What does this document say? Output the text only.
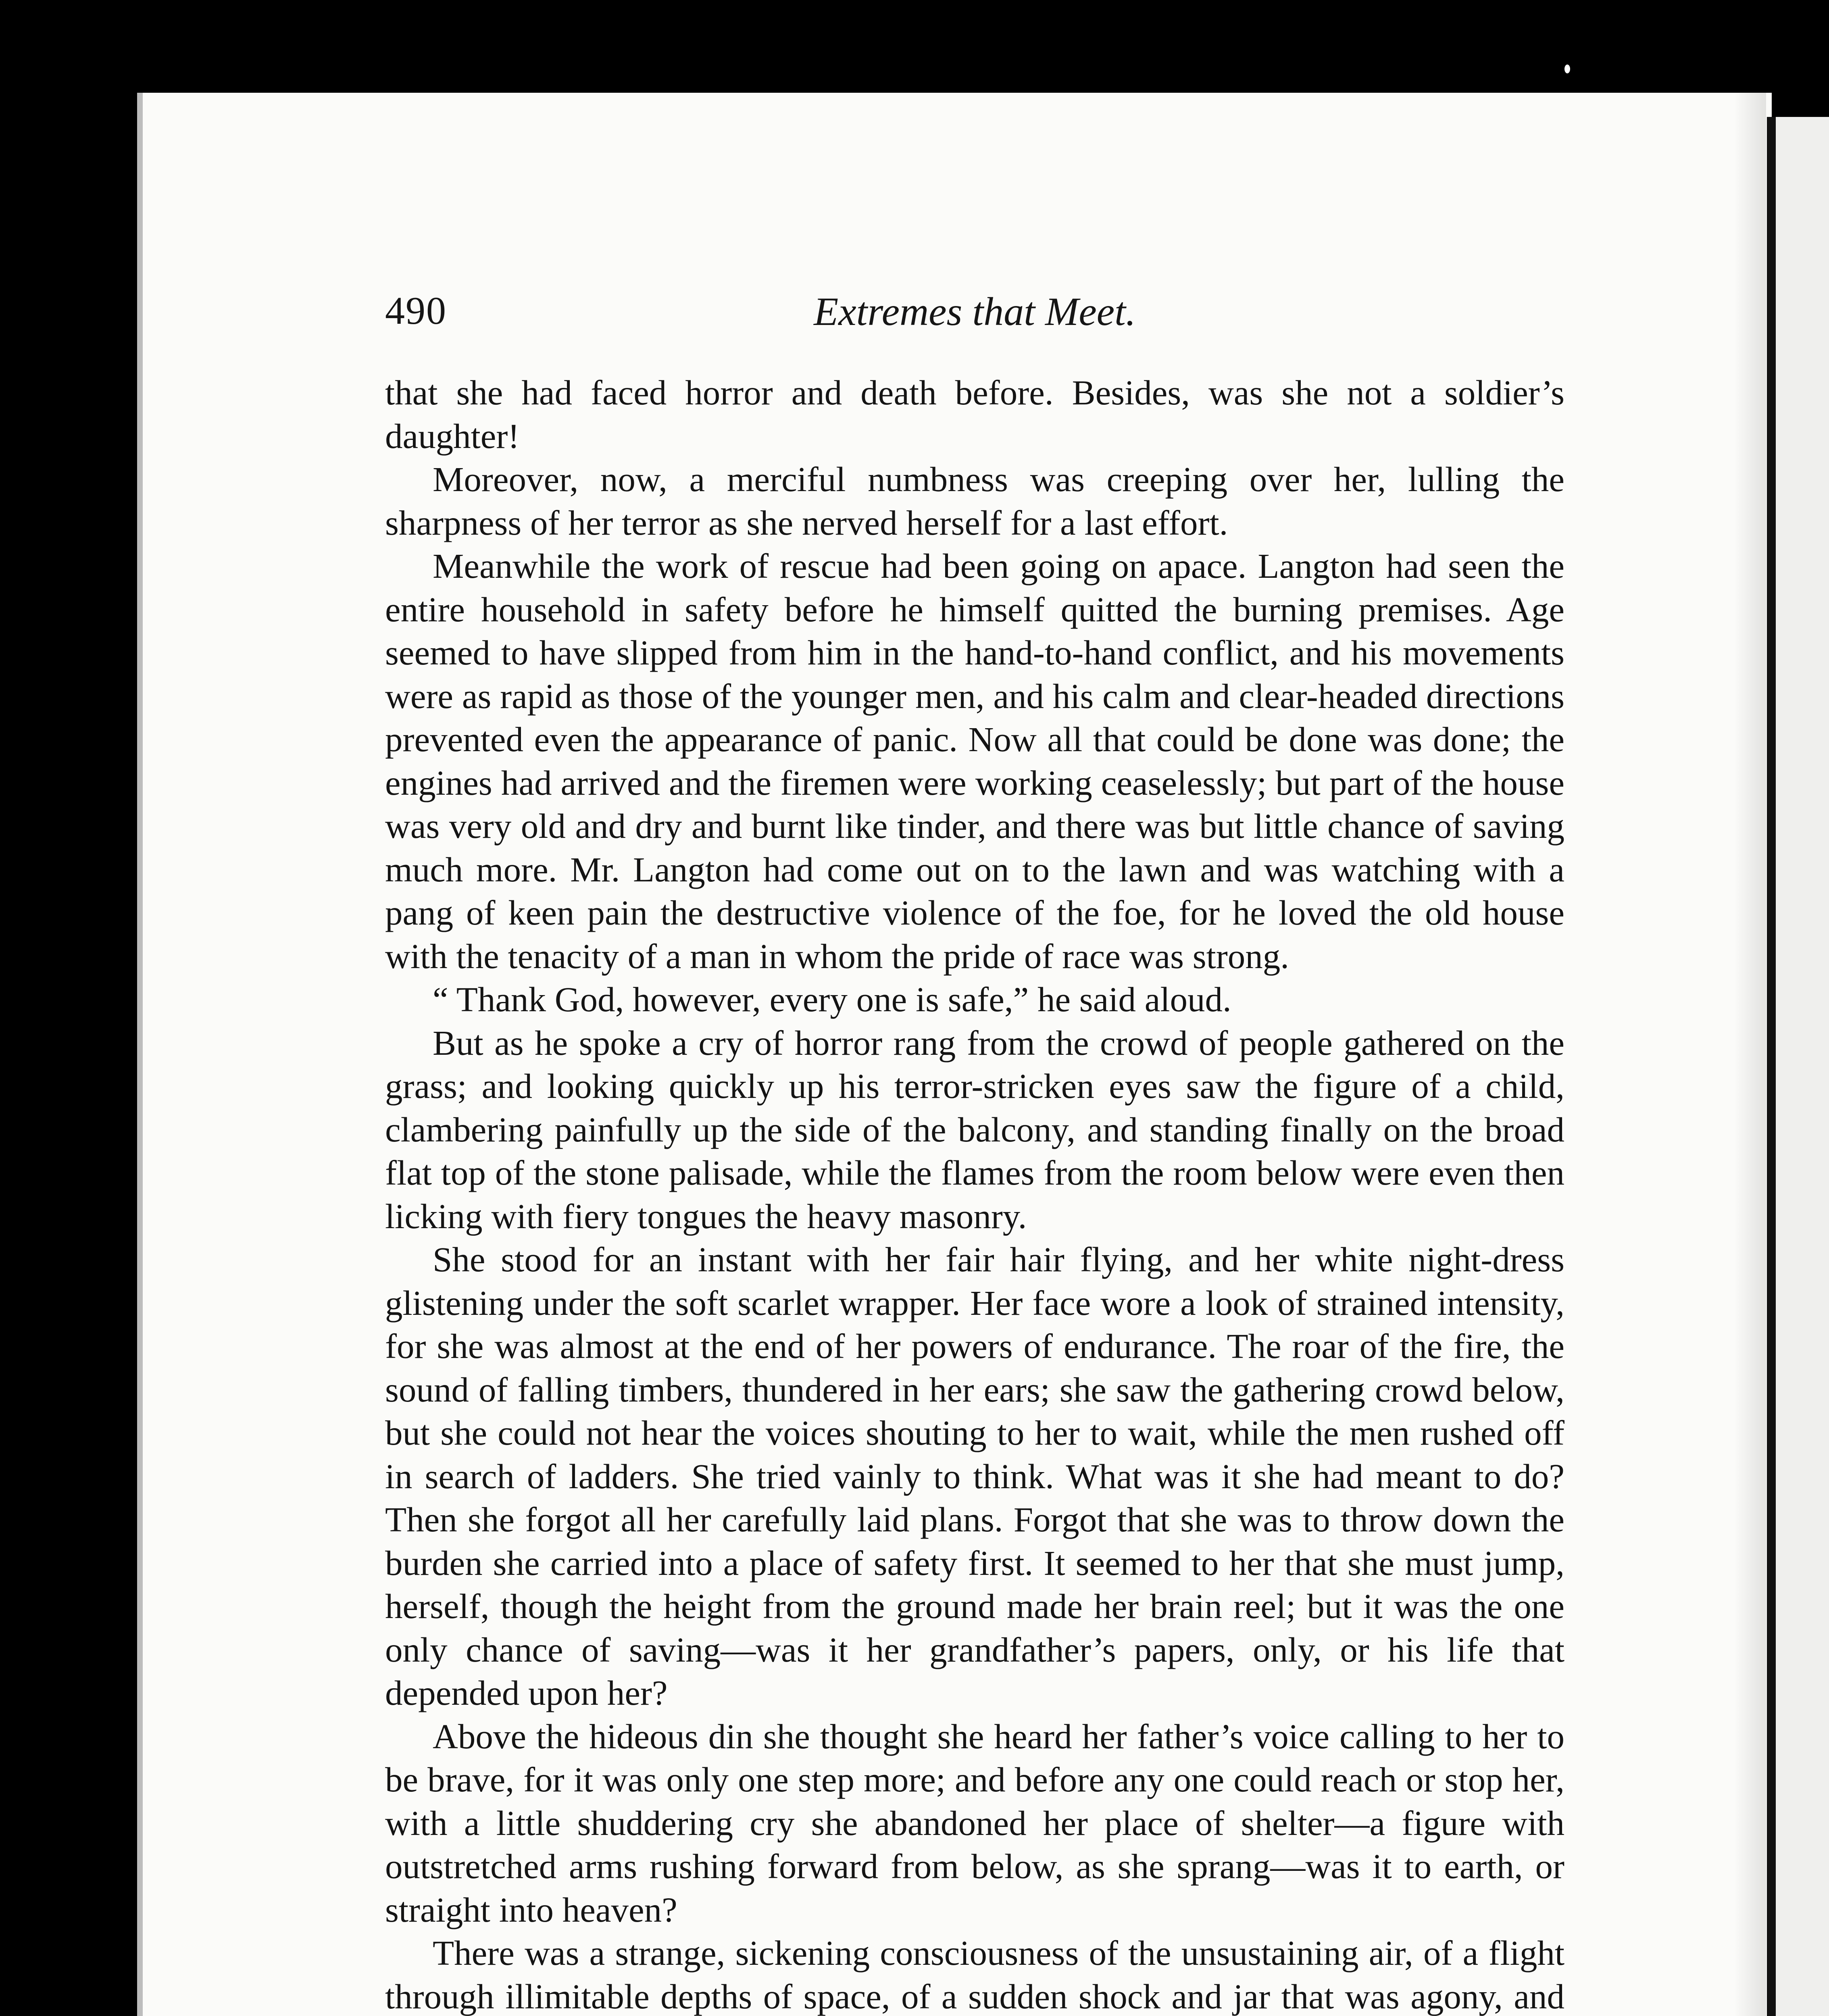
490	Extremes that Meet.

that she had faced horror and death before. Besides, was she not a soldier’s daughter!

Moreover, now, a merciful numbness was creeping over her, lulling the sharpness of her terror as she nerved herself for a last effort.

Meanwhile the work of rescue had been going on apace. Langton had seen the entire household in safety before he himself quitted the burning premises. Age seemed to have slipped from him in the hand-to-hand conflict, and his movements were as rapid as those of the younger men, and his calm and clear-headed directions prevented even the appearance of panic. Now all that could be done was done; the engines had arrived and the firemen were working ceaselessly; but part of the house was very old and dry and burnt like tinder, and there was but little chance of saving much more. Mr. Langton had come out on to the lawn and was watching with a pang of keen pain the destructive violence of the foe, for he loved the old house with the tenacity of a man in whom the pride of race was strong.

“ Thank God, however, every one is safe,” he said aloud.

But as he spoke a cry of horror rang from the crowd of people gathered on the grass; and looking quickly up his terror-stricken eyes saw the figure of a child, clambering painfully up the side of the balcony, and standing finally on the broad flat top of the stone palisade, while the flames from the room below were even then licking with fiery tongues the heavy masonry.

She stood for an instant with her fair hair flying, and her white night-dress glistening under the soft scarlet wrapper. Her face wore a look of strained intensity, for she was almost at the end of her powers of endurance. The roar of the fire, the sound of falling timbers, thundered in her ears; she saw the gathering crowd below, but she could not hear the voices shouting to her to wait, while the men rushed off in search of ladders. She tried vainly to think. What was it she had meant to do? Then she forgot all her carefully laid plans. Forgot that she was to throw down the burden she carried into a place of safety first. It seemed to her that she must jump, herself, though the height from the ground made her brain reel; but it was the one only chance of saving—was it her grandfather’s papers, only, or his life that depended upon her?

Above the hideous din she thought she heard her father’s voice calling to her to be brave, for it was only one step more; and before any one could reach or stop her, with a little shuddering cry she abandoned her place of shelter—a figure with outstretched arms rushing forward from below, as she sprang—was it to earth, or straight into heaven?

There was a strange, sickening consciousness of the unsustaining air, of a flight through illimitable depths of space, of a sudden shock and jar that was agony, and
